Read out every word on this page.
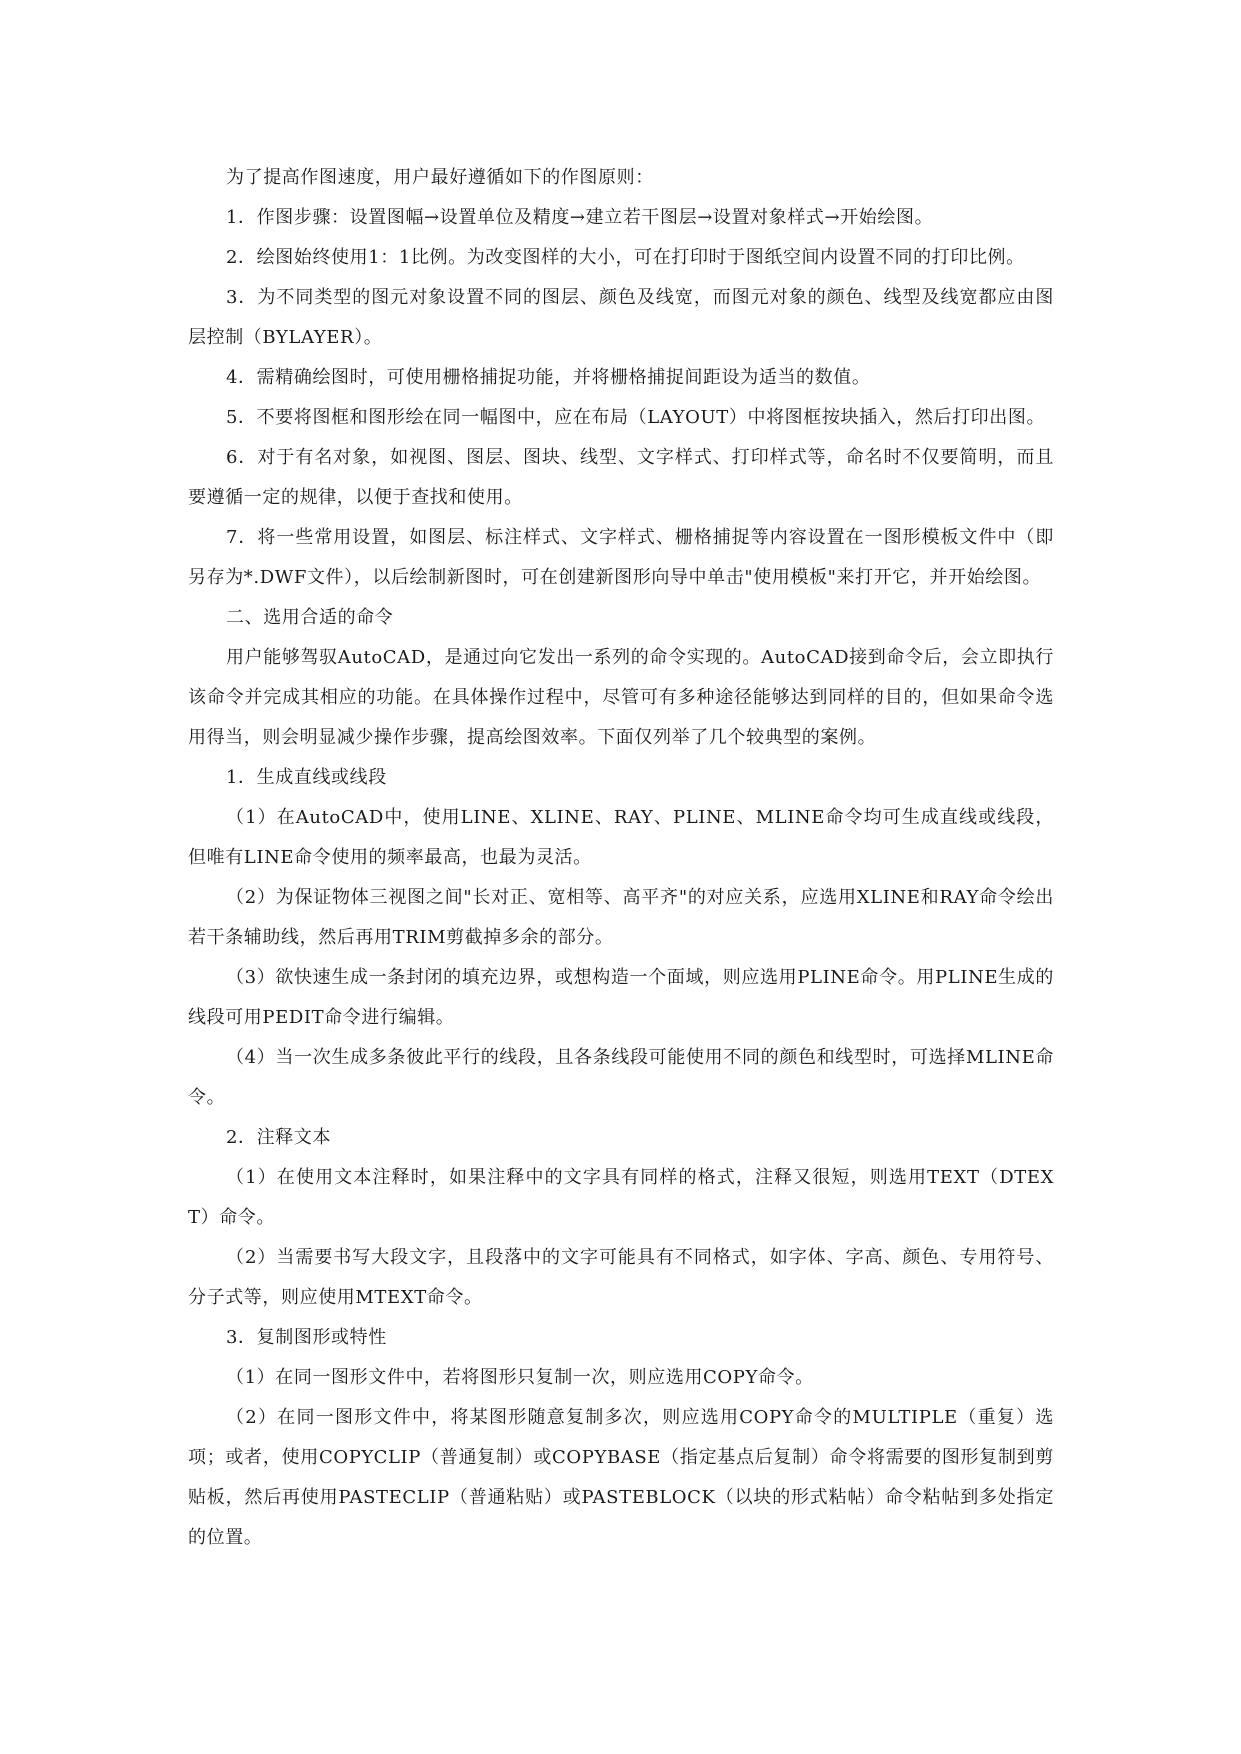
为了提高作图速度，用户最好遵循如下的作图原则：

1．作图步骤：设置图幅→设置单位及精度→建立若干图层→设置对象样式→开始绘图。

2．绘图始终使用1：1比例。为改变图样的大小，可在打印时于图纸空间内设置不同的打印比例。

3．为不同类型的图元对象设置不同的图层、颜色及线宽，而图元对象的颜色、线型及线宽都应由图层控制（BYLAYER）。

4．需精确绘图时，可使用栅格捕捉功能，并将栅格捕捉间距设为适当的数值。

5．不要将图框和图形绘在同一幅图中，应在布局（LAYOUT）中将图框按块插入，然后打印出图。

6．对于有名对象，如视图、图层、图块、线型、文字样式、打印样式等，命名时不仅要简明，而且要遵循一定的规律，以便于查找和使用。

7．将一些常用设置，如图层、标注样式、文字样式、栅格捕捉等内容设置在一图形模板文件中（即另存为*.DWF文件），以后绘制新图时，可在创建新图形向导中单击"使用模板"来打开它，并开始绘图。

二、选用合适的命令

用户能够驾驭AutoCAD，是通过向它发出一系列的命令实现的。AutoCAD接到命令后，会立即执行该命令并完成其相应的功能。在具体操作过程中，尽管可有多种途径能够达到同样的目的，但如果命令选用得当，则会明显减少操作步骤，提高绘图效率。下面仅列举了几个较典型的案例。

1．生成直线或线段

（1）在AutoCAD中，使用LINE、XLINE、RAY、PLINE、MLINE命令均可生成直线或线段，但唯有LINE命令使用的频率最高，也最为灵活。

（2）为保证物体三视图之间"长对正、宽相等、高平齐"的对应关系，应选用XLINE和RAY命令绘出若干条辅助线，然后再用TRIM剪截掉多余的部分。

（3）欲快速生成一条封闭的填充边界，或想构造一个面域，则应选用PLINE命令。用PLINE生成的线段可用PEDIT命令进行编辑。

（4）当一次生成多条彼此平行的线段，且各条线段可能使用不同的颜色和线型时，可选择MLINE命令。

2．注释文本

（1）在使用文本注释时，如果注释中的文字具有同样的格式，注释又很短，则选用TEXT（DTEXT）命令。

（2）当需要书写大段文字，且段落中的文字可能具有不同格式，如字体、字高、颜色、专用符号、分子式等，则应使用MTEXT命令。

3．复制图形或特性

（1）在同一图形文件中，若将图形只复制一次，则应选用COPY命令。

（2）在同一图形文件中，将某图形随意复制多次，则应选用COPY命令的MULTIPLE（重复）选项；或者，使用COPYCLIP（普通复制）或COPYBASE（指定基点后复制）命令将需要的图形复制到剪贴板，然后再使用PASTECLIP（普通粘贴）或PASTEBLOCK（以块的形式粘帖）命令粘帖到多处指定的位置。
